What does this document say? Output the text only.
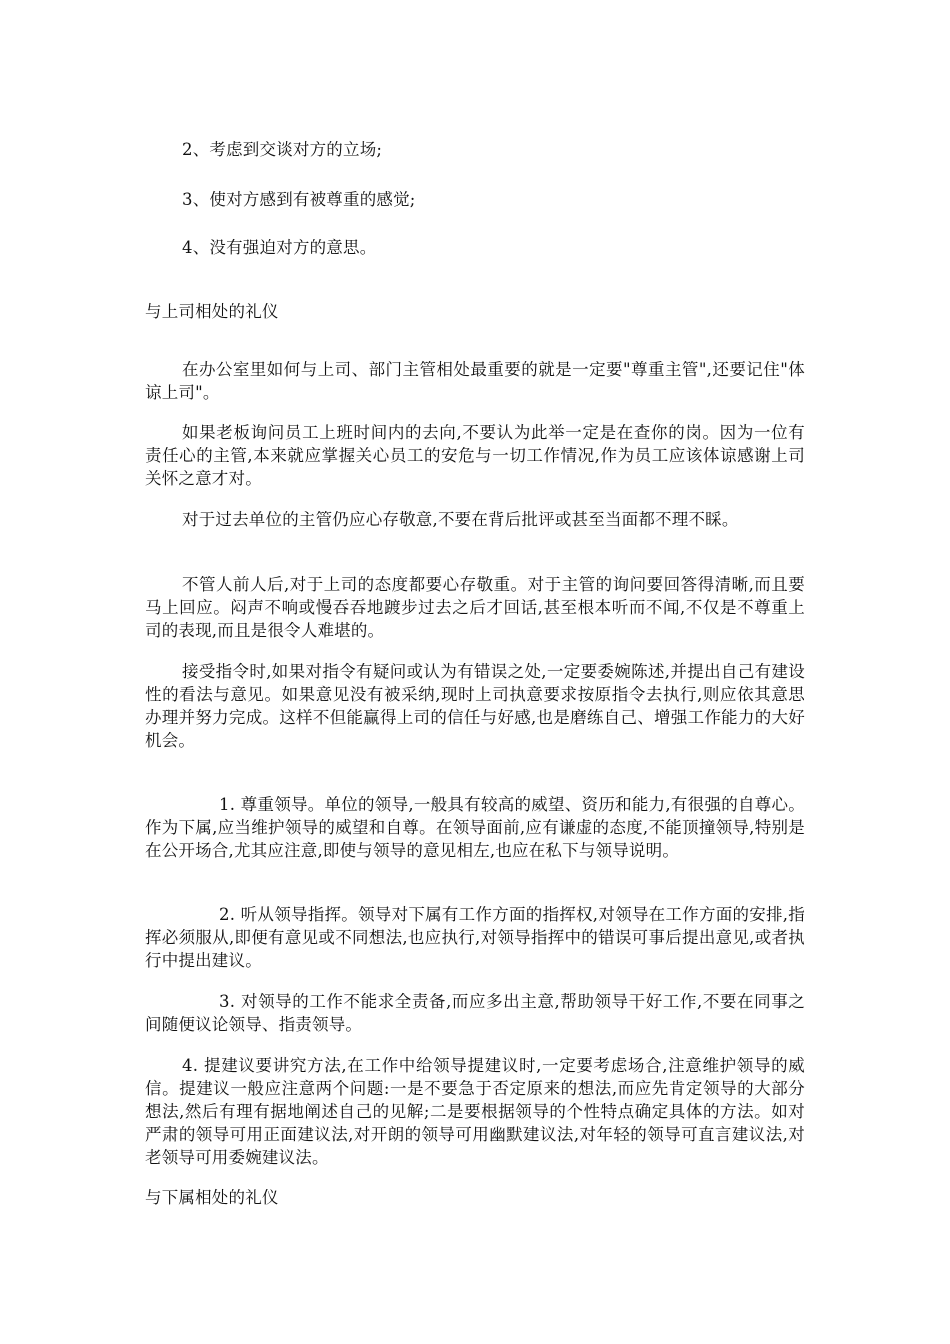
2、考虑到交谈对方的立场;
3、使对方感到有被尊重的感觉;
4、没有强迫对方的意思。
与上司相处的礼仪
在办公室里如何与上司、部门主管相处最重要的就是一定要"尊重主管",还要记住"体谅上司"。
如果老板询问员工上班时间内的去向,不要认为此举一定是在查你的岗。因为一位有责任心的主管,本来就应掌握关心员工的安危与一切工作情况,作为员工应该体谅感谢上司关怀之意才对。
对于过去单位的主管仍应心存敬意,不要在背后批评或甚至当面都不理不睬。
不管人前人后,对于上司的态度都要心存敬重。对于主管的询问要回答得清晰,而且要马上回应。闷声不响或慢吞吞地踱步过去之后才回话,甚至根本听而不闻,不仅是不尊重上司的表现,而且是很令人难堪的。
接受指令时,如果对指令有疑问或认为有错误之处,一定要委婉陈述,并提出自己有建设性的看法与意见。如果意见没有被采纳,现时上司执意要求按原指令去执行,则应依其意思办理并努力完成。这样不但能赢得上司的信任与好感,也是磨练自己、增强工作能力的大好机会。
1. 尊重领导。单位的领导,一般具有较高的威望、资历和能力,有很强的自尊心。作为下属,应当维护领导的威望和自尊。在领导面前,应有谦虚的态度,不能顶撞领导,特别是在公开场合,尤其应注意,即使与领导的意见相左,也应在私下与领导说明。
2. 听从领导指挥。领导对下属有工作方面的指挥权,对领导在工作方面的安排,指挥必须服从,即便有意见或不同想法,也应执行,对领导指挥中的错误可事后提出意见,或者执行中提出建议。
3. 对领导的工作不能求全责备,而应多出主意,帮助领导干好工作,不要在同事之间随便议论领导、指责领导。
4. 提建议要讲究方法,在工作中给领导提建议时,一定要考虑场合,注意维护领导的威信。提建议一般应注意两个问题:一是不要急于否定原来的想法,而应先肯定领导的大部分想法,然后有理有据地阐述自己的见解;二是要根据领导的个性特点确定具体的方法。如对严肃的领导可用正面建议法,对开朗的领导可用幽默建议法,对年轻的领导可直言建议法,对老领导可用委婉建议法。
与下属相处的礼仪
